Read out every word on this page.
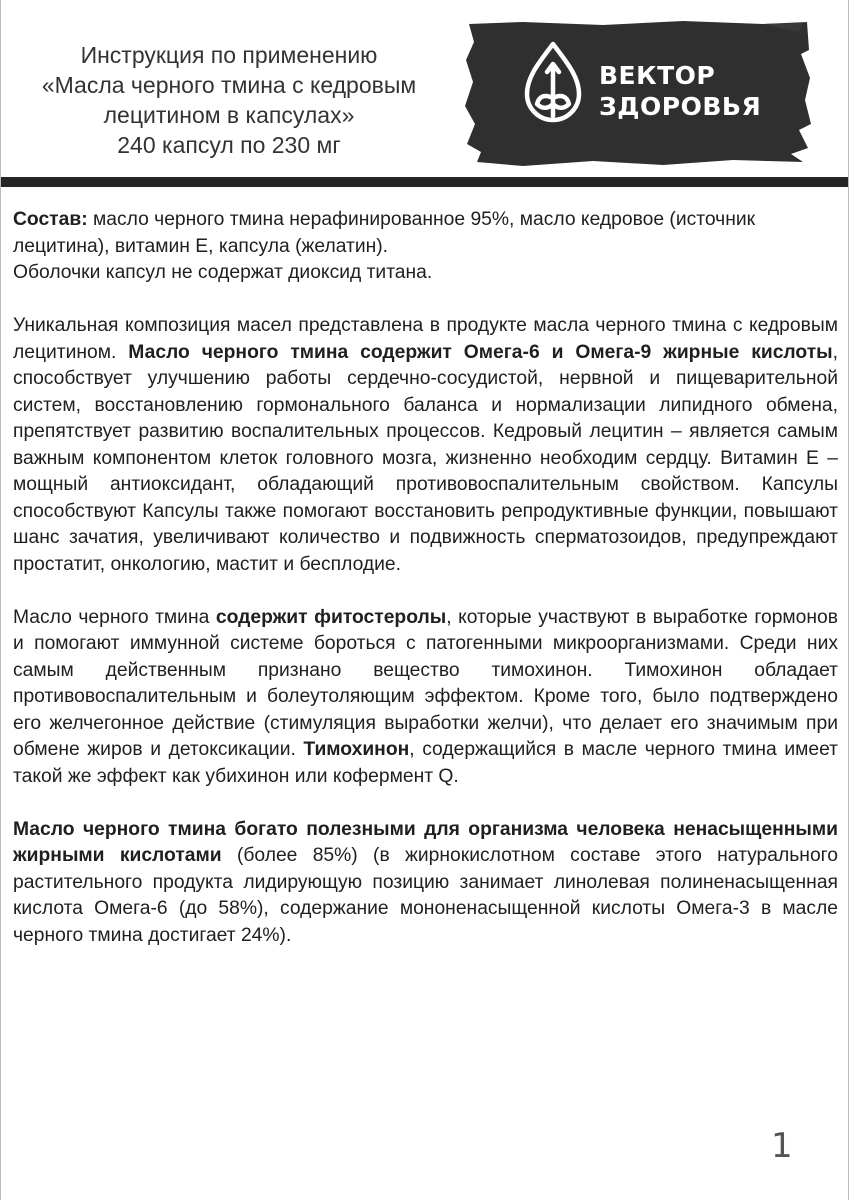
Инструкция по применению
«Масла черного тмина с кедровым
лецитином в капсулах»
240 капсул по 230 мг
ВЕКТОР
ЗДОРОВЬЯ

Состав: масло черного тмина нерафинированное 95%, масло кедровое (источник лецитина), витамин Е, капсула (желатин).
Оболочки капсул не содержат диоксид титана.

Уникальная композиция масел представлена в продукте масла черного тмина с кедровым лецитином. Масло черного тмина содержит Омега-6 и Омега-9 жирные кислоты, способствует улучшению работы сердечно-сосудистой, нервной и пищеварительной систем, восстановлению гормонального баланса и нормализации липидного обмена, препятствует развитию воспалительных процессов. Кедровый лецитин – является самым важным компонентом клеток головного мозга, жизненно необходим сердцу. Витамин Е – мощный антиоксидант, обладающий противовоспалительным свойством. Капсулы способствуют Капсулы также помогают восстановить репродуктивные функции, повышают шанс зачатия, увеличивают количество и подвижность сперматозоидов, предупреждают простатит, онкологию, мастит и бесплодие.

Масло черного тмина содержит фитостеролы, которые участвуют в выработке гормонов и помогают иммунной системе бороться с патогенными микроорганизмами. Среди них самым действенным признано вещество тимохинон. Тимохинон обладает противовоспалительным и болеутоляющим эффектом. Кроме того, было подтверждено его желчегонное действие (стимуляция выработки желчи), что делает его значимым при обмене жиров и детоксикации. Тимохинон, содержащийся в масле черного тмина имеет такой же эффект как убихинон или кофермент Q.

Масло черного тмина богато полезными для организма человека ненасыщенными жирными кислотами (более 85%) (в жирнокислотном составе этого натурального растительного продукта лидирующую позицию занимает линолевая полиненасыщенная кислота Омега-6 (до 58%), содержание мононенасыщенной кислоты Омега-3 в масле черного тмина достигает 24%).

1
